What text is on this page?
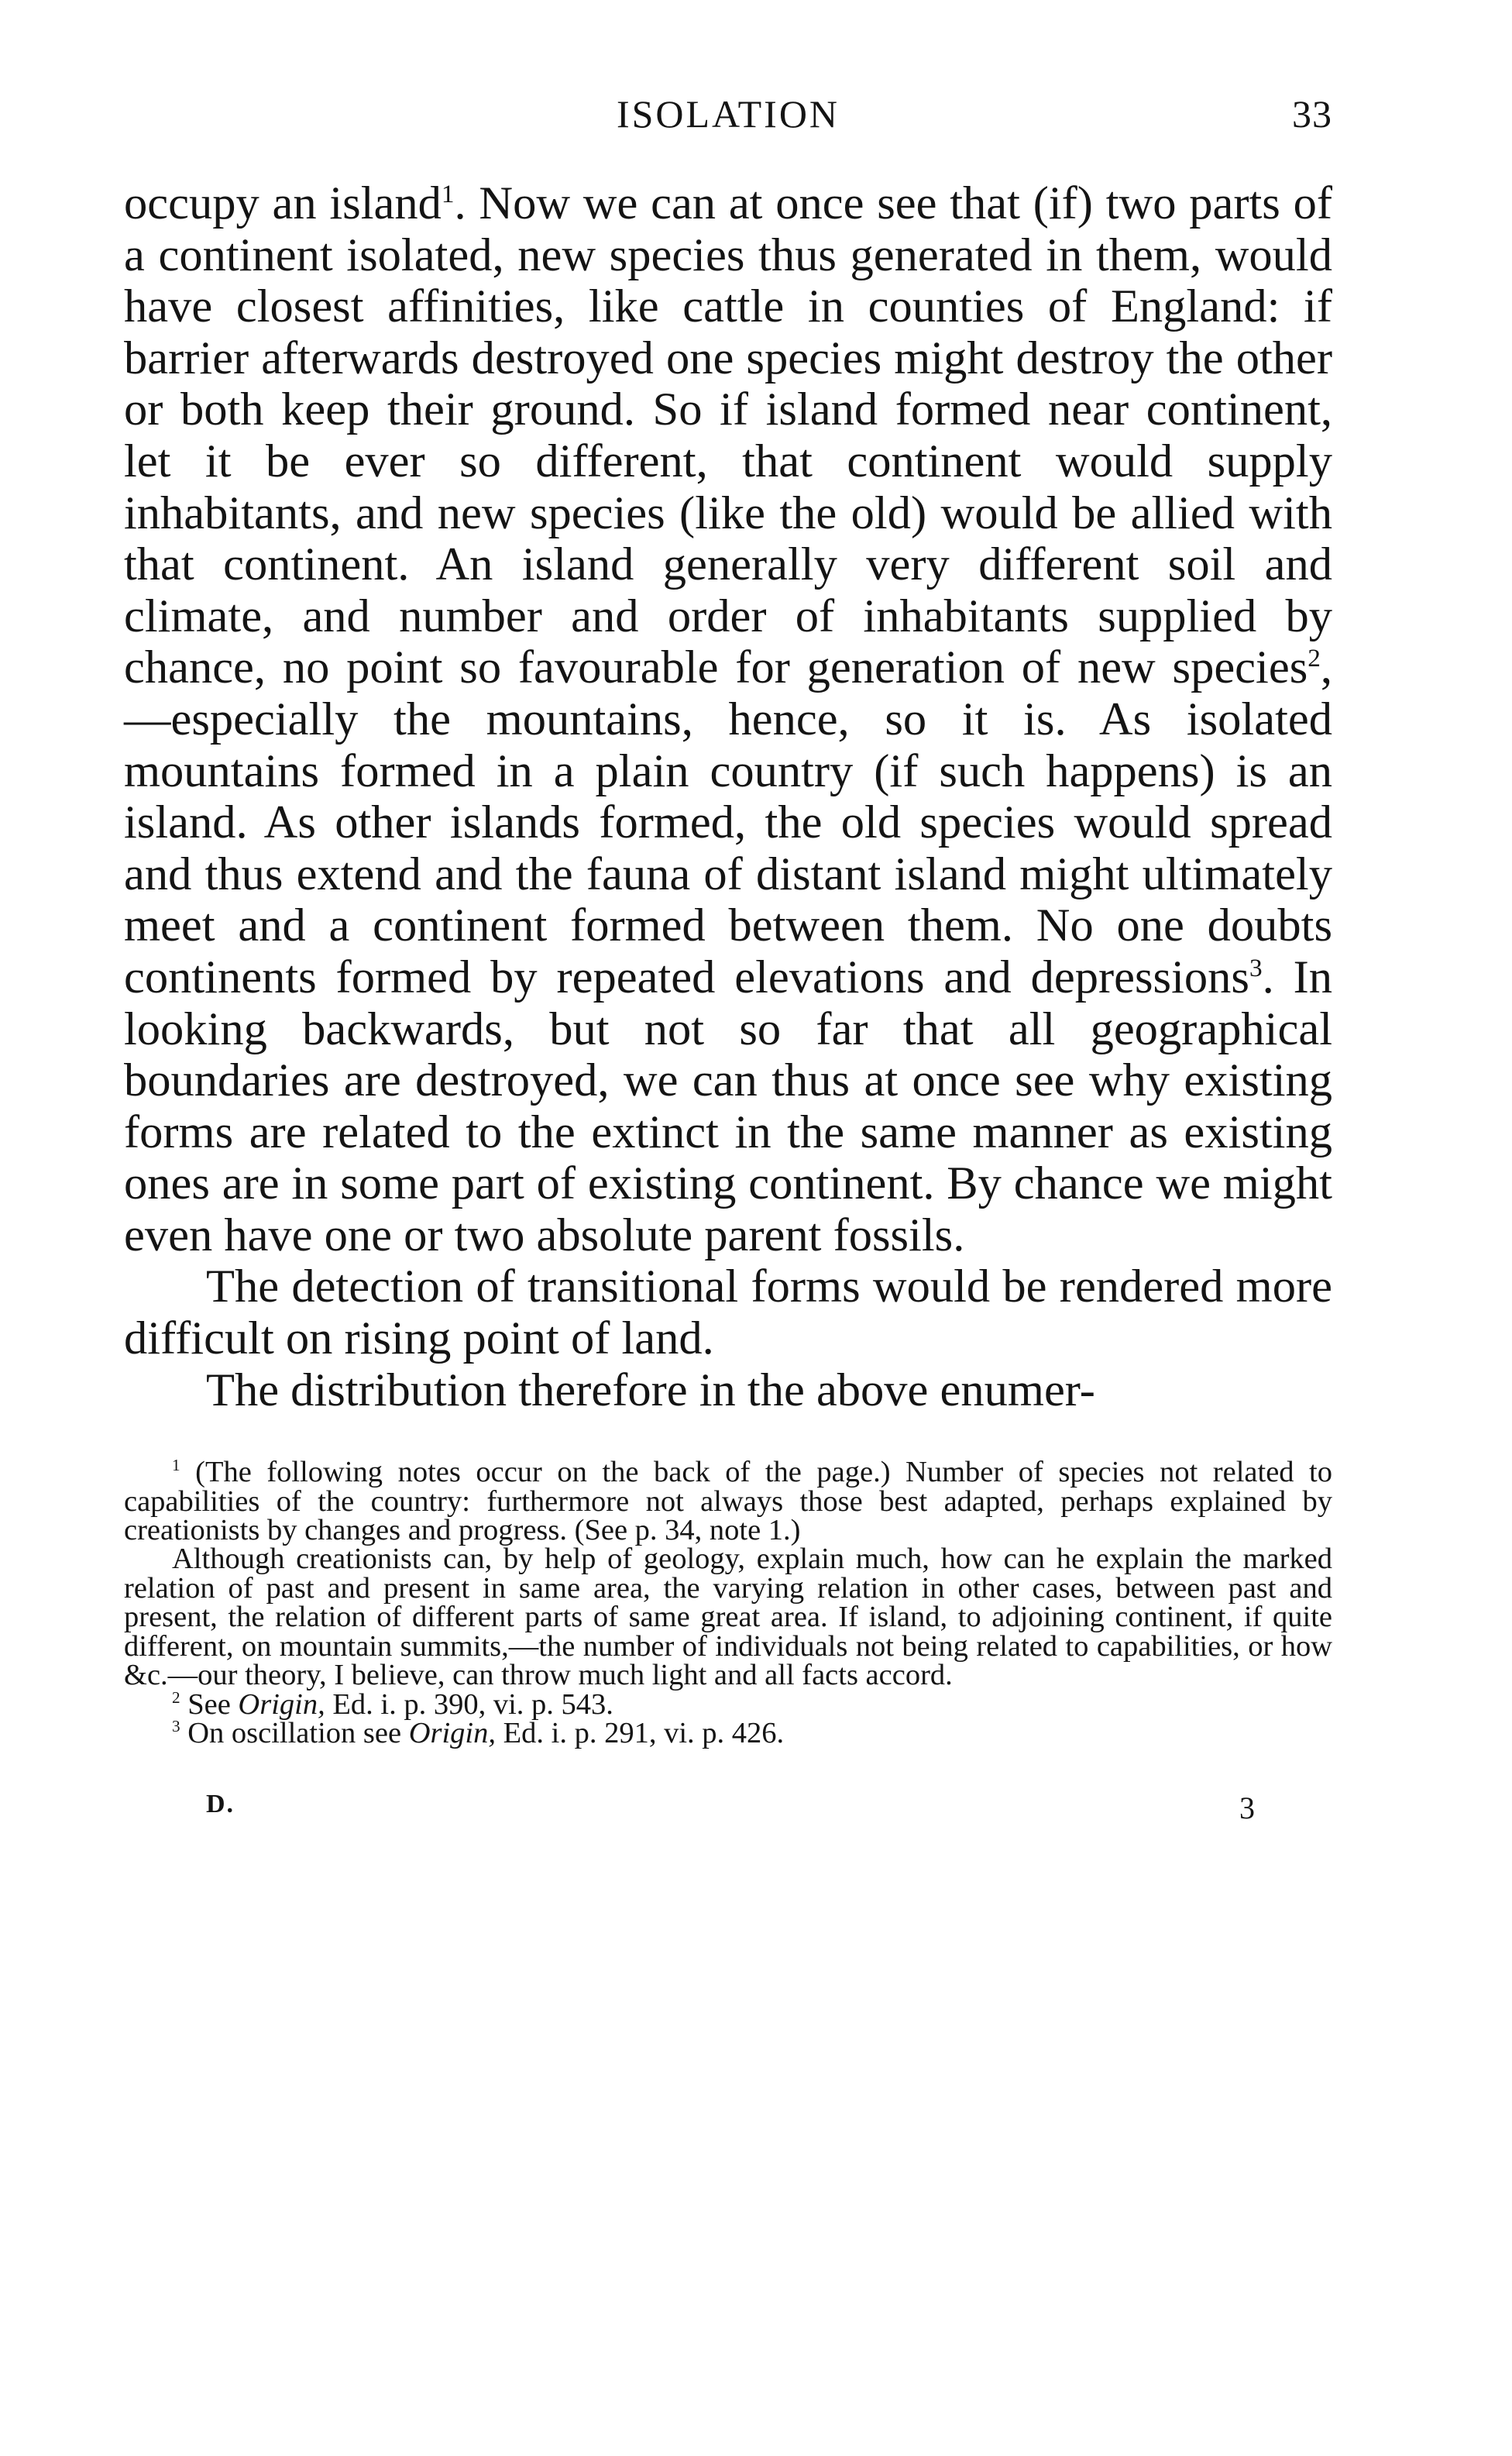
ISOLATION	33

occupy an island$^1$. Now we can at once see that (if) two parts of a continent isolated, new species thus generated in them, would have closest affinities, like cattle in counties of England: if barrier afterwards destroyed one species might destroy the other or both keep their ground. So if island formed near continent, let it be ever so different, that continent would supply inhabitants, and new species (like the old) would be allied with that continent. An island generally very different soil and climate, and number and order of inhabitants supplied by chance, no point so favourable for generation of new species$^2$,—especially the mountains, hence, so it is. As isolated mountains formed in a plain country (if such happens) is an island. As other islands formed, the old species would spread and thus extend and the fauna of distant island might ultimately meet and a continent formed between them. No one doubts continents formed by repeated elevations and depressions$^3$. In looking backwards, but not so far that all geographical boundaries are destroyed, we can thus at once see why existing forms are related to the extinct in the same manner as existing ones are in some part of existing continent. By chance we might even have one or two absolute parent fossils.

The detection of transitional forms would be rendered more difficult on rising point of land.

The distribution therefore in the above enumer-

$^1$ (The following notes occur on the back of the page.) Number of species not related to capabilities of the country: furthermore not always those best adapted, perhaps explained by creationists by changes and progress. (See p. 34, note 1.)

Although creationists can, by help of geology, explain much, how can he explain the marked relation of past and present in same area, the varying relation in other cases, between past and present, the relation of different parts of same great area. If island, to adjoining continent, if quite different, on mountain summits,—the number of individuals not being related to capabilities, or how &c.—our theory, I believe, can throw much light and all facts accord.

$^2$ See Origin, Ed. i. p. 390, vi. p. 543.

$^3$ On oscillation see Origin, Ed. i. p. 291, vi. p. 426.

D.	3
